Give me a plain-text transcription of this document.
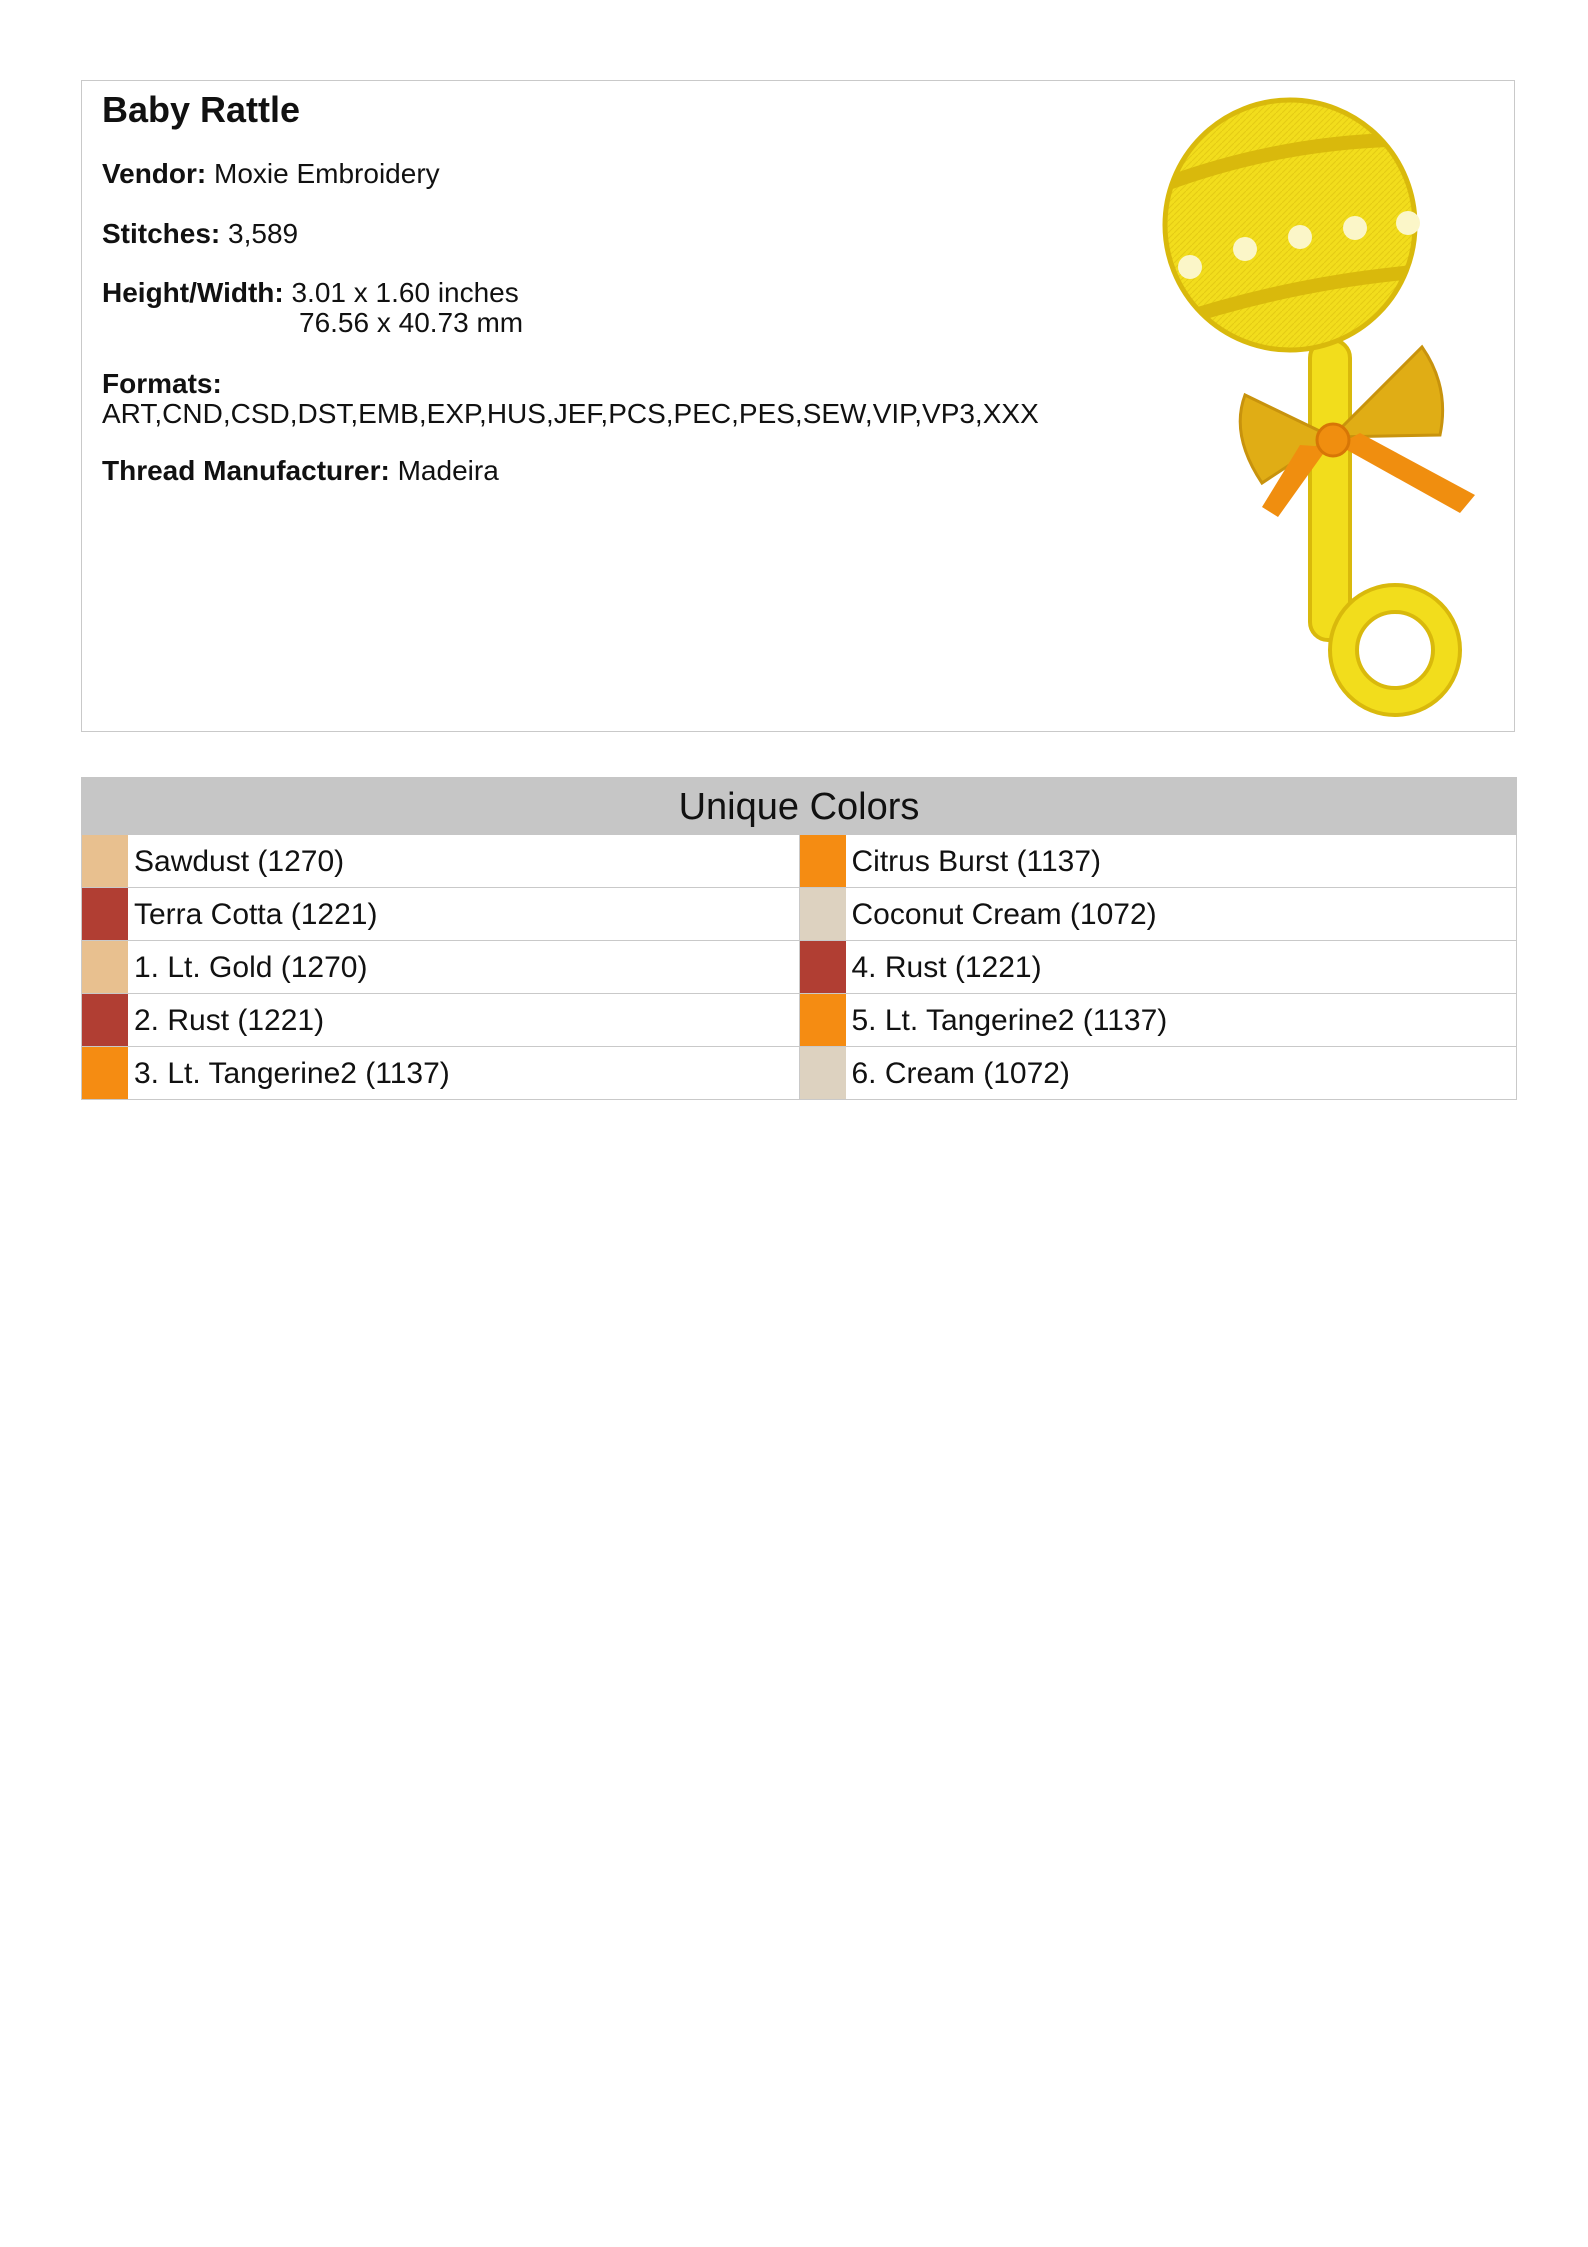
Baby Rattle
Vendor: Moxie Embroidery
Stitches: 3,589
Height/Width: 3.01 x 1.60 inches
76.56 x 40.73 mm
Formats:
ART,CND,CSD,DST,EMB,EXP,HUS,JEF,PCS,PEC,PES,SEW,VIP,VP3,XXX
Thread Manufacturer: Madeira
Unique Colors
Sawdust (1270)	Citrus Burst (1137)
Terra Cotta (1221)	Coconut Cream (1072)
1. Lt. Gold (1270)	4. Rust (1221)
2. Rust (1221)	5. Lt. Tangerine2 (1137)
3. Lt. Tangerine2 (1137)	6. Cream (1072)
